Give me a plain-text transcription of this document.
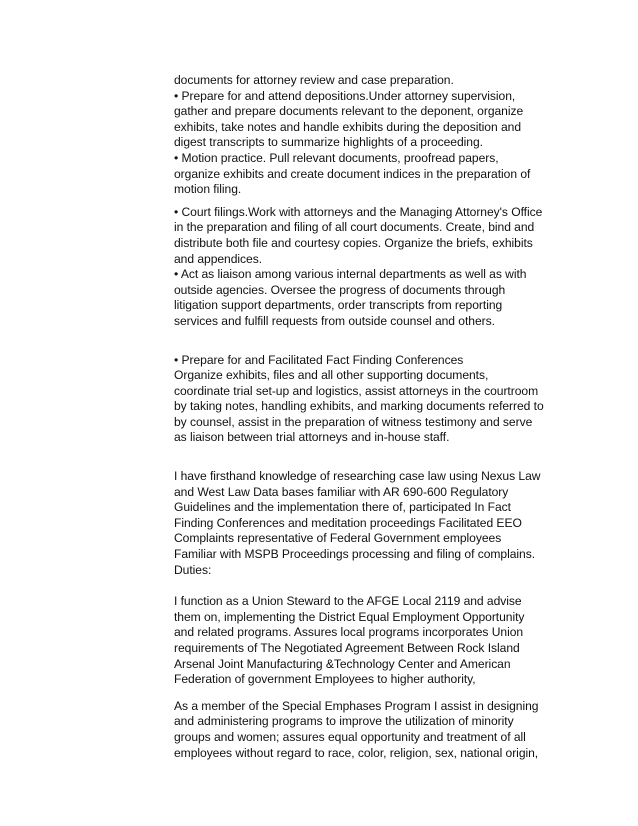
documents for attorney review and case preparation.
• Prepare for and attend depositions.Under attorney supervision,
gather and prepare documents relevant to the deponent, organize
exhibits, take notes and handle exhibits during the deposition and
digest transcripts to summarize highlights of a proceeding.
• Motion practice. Pull relevant documents, proofread papers,
organize exhibits and create document indices in the preparation of
motion filing.
• Court filings.Work with attorneys and the Managing Attorney's Office
in the preparation and filing of all court documents. Create, bind and
distribute both file and courtesy copies. Organize the briefs, exhibits
and appendices.
• Act as liaison among various internal departments as well as with
outside agencies. Oversee the progress of documents through
litigation support departments, order transcripts from reporting
services and fulfill requests from outside counsel and others.
• Prepare for and Facilitated Fact Finding Conferences
Organize exhibits, files and all other supporting documents,
coordinate trial set-up and logistics, assist attorneys in the courtroom
by taking notes, handling exhibits, and marking documents referred to
by counsel, assist in the preparation of witness testimony and serve
as liaison between trial attorneys and in-house staff.
I have firsthand knowledge of researching case law using Nexus Law
and West Law Data bases familiar with AR 690-600 Regulatory
Guidelines and the implementation there of, participated In Fact
Finding Conferences and meditation proceedings Facilitated EEO
Complaints representative of Federal Government employees
Familiar with MSPB Proceedings processing and filing of complains.
Duties:
I function as a Union Steward to the AFGE Local 2119 and advise
them on, implementing the District Equal Employment Opportunity
and related programs. Assures local programs incorporates Union
requirements of The Negotiated Agreement Between Rock Island
Arsenal Joint Manufacturing &Technology Center and American
Federation of government Employees to higher authority,
As a member of the Special Emphases Program I assist in designing
and administering programs to improve the utilization of minority
groups and women; assures equal opportunity and treatment of all
employees without regard to race, color, religion, sex, national origin,
